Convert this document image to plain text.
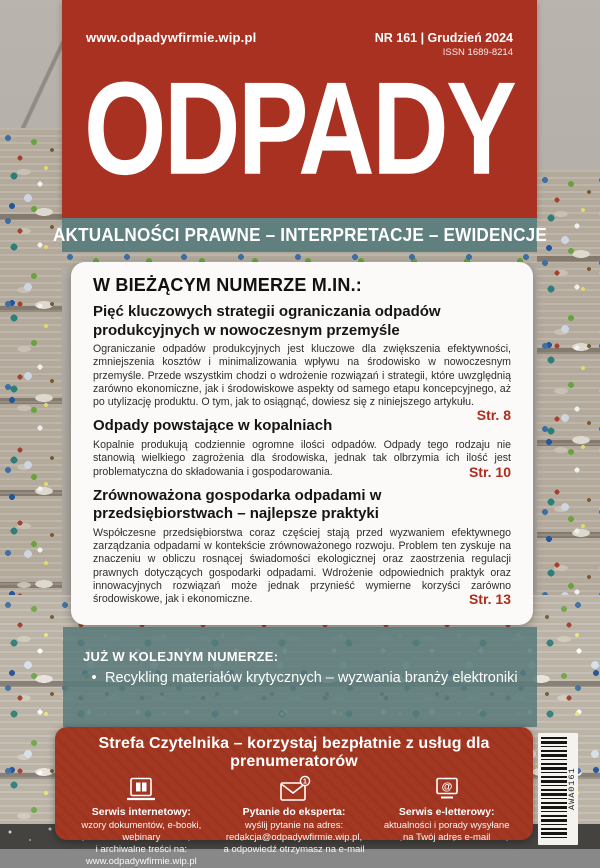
www.odpadywfirmie.wip.pl	NR 161 | Grudzień 2024
ISSN 1689-8214
ODPADY
AKTUALNOŚCI PRAWNE – INTERPRETACJE – EWIDENCJE
W BIEŻĄCYM NUMERZE M.IN.:
Pięć kluczowych strategii ograniczania odpadów produkcyjnych w nowoczesnym przemyśle

Ograniczanie odpadów produkcyjnych jest kluczowe dla zwiększenia efektywności, zmniejszenia kosztów i minimalizowania wpływu na środowisko w nowoczesnym przemyśle. Przede wszystkim chodzi o wdrożenie rozwiązań i strategii, które uwzględnią zarówno ekonomiczne, jak i środowiskowe aspekty od samego etapu koncepcyjnego, aż po utylizację produktu. O tym, jak to osiągnąć, dowiesz się z niniejszego artykułu.
Str. 8

Odpady powstające w kopalniach

Kopalnie produkują codziennie ogromne ilości odpadów. Odpady tego rodzaju nie stanowią wielkiego zagrożenia dla środowiska, jednak tak olbrzymia ich ilość jest problematyczna do składowania i gospodarowania.	Str. 10

Zrównoważona gospodarka odpadami w przedsiębiorstwach – najlepsze praktyki

Współczesne przedsiębiorstwa coraz częściej stają przed wyzwaniem efektywnego zarządzania odpadami w kontekście zrównoważonego rozwoju. Problem ten zyskuje na znaczeniu w obliczu rosnącej świadomości ekologicznej oraz zaostrzenia regulacji prawnych dotyczących gospodarki odpadami. Wdrożenie odpowiednich praktyk oraz innowacyjnych rozwiązań może jednak przynieść wymierne korzyści zarówno środowiskowe, jak i ekonomiczne.	Str. 13

JUŻ W KOLEJNYM NUMERZE:
• Recykling materiałów krytycznych – wyzwania branży elektroniki
Strefa Czytelnika – korzystaj bezpłatnie z usług dla prenumeratorów
Serwis internetowy:
wzory dokumentów, e-booki, webinary
i archiwalne treści na:
www.odpadywfirmie.wip.pl
1
Pytanie do eksperta:
wyślij pytanie na adres:
redakcja@odpadywfirmie.wip.pl,
a odpowiedź otrzymasz na e-mail
@
Serwis e-letterowy:
aktualności i porady wysyłane
na Twój adres e-mail
AWA0161
